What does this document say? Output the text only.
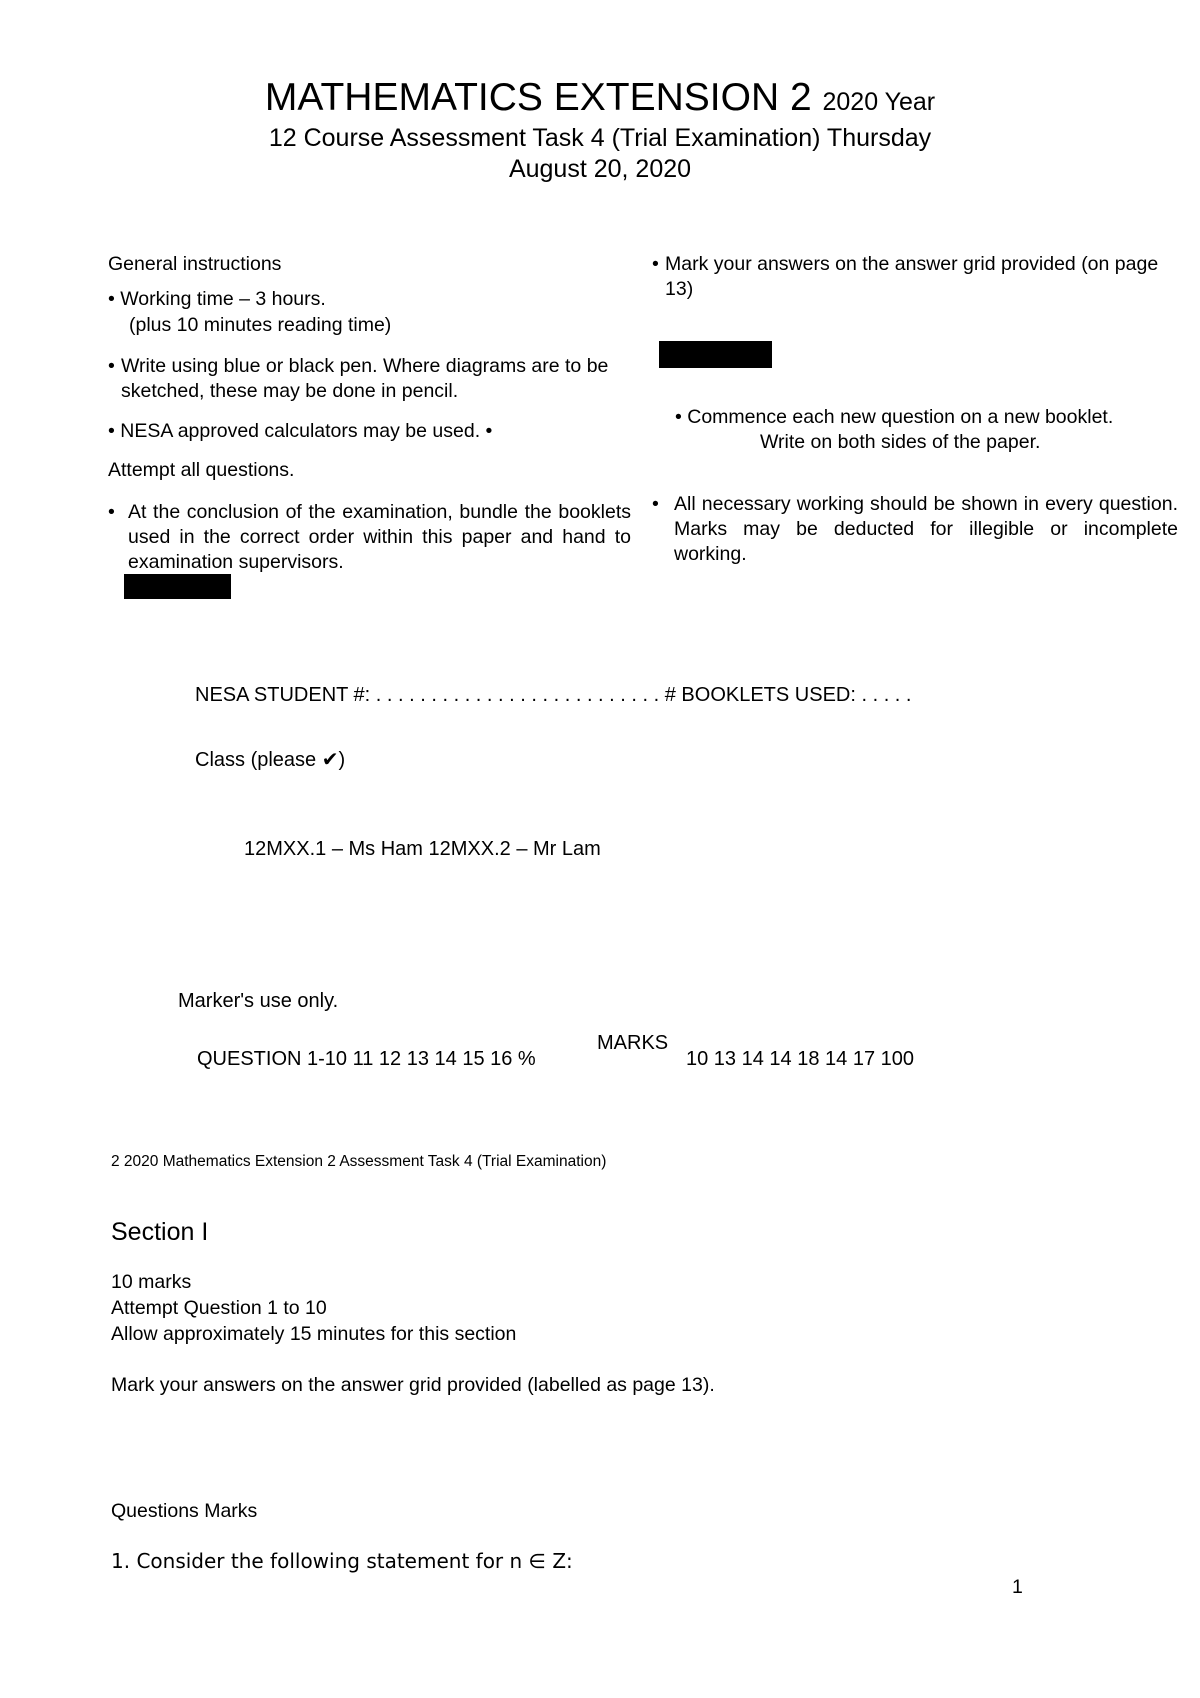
MATHEMATICS EXTENSION 2 2020 Year
12 Course Assessment Task 4 (Trial Examination) Thursday
August 20, 2020
General instructions
• Working time – 3 hours.
(plus 10 minutes reading time)
• Write using blue or black pen. Where diagrams are to be sketched, these may be done in pencil.
• NESA approved calculators may be used. •
Attempt all questions.
• At the conclusion of the examination, bundle the booklets used in the correct order within this paper and hand to examination supervisors.
• Mark your answers on the answer grid provided (on page 13)
• Commence each new question on a new booklet.
Write on both sides of the paper.
• All necessary working should be shown in every question. Marks may be deducted for illegible or incomplete working.
NESA STUDENT #: . . . . . . . . . . . . . . . . . . . . . . . . . . # BOOKLETS USED: . . . . .
Class (please ✔)
12MXX.1 – Ms Ham 12MXX.2 – Mr Lam
Marker's use only.
QUESTION 1-10 11 12 13 14 15 16 %
MARKS
10 13 14 14 18 14 17 100
2 2020 Mathematics Extension 2 Assessment Task 4 (Trial Examination)
Section I
10 marks
Attempt Question 1 to 10
Allow approximately 15 minutes for this section
Mark your answers on the answer grid provided (labelled as page 13).
Questions Marks
1. Consider the following statement for n ∈ Z:
1
